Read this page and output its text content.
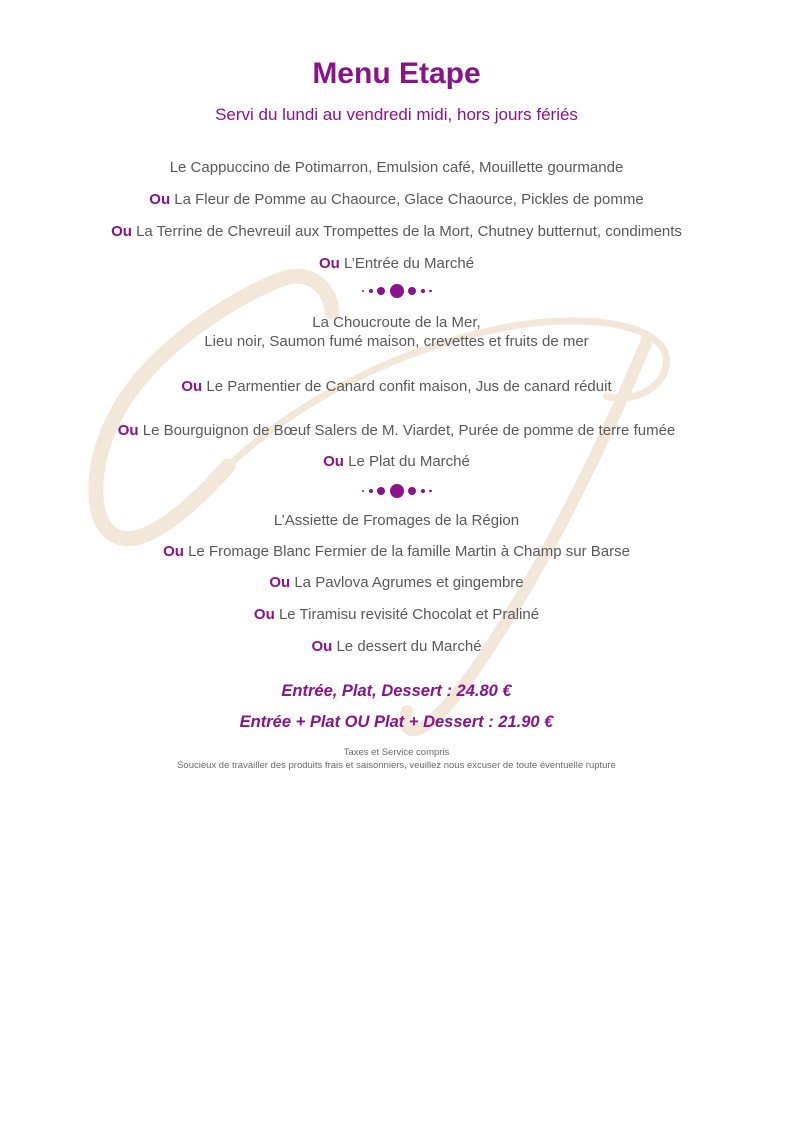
Menu Etape
Servi du lundi au vendredi midi, hors jours fériés

Le Cappuccino de Potimarron, Emulsion café, Mouillette gourmande

Ou La Fleur de Pomme au Chaource, Glace Chaource, Pickles de pomme

Ou La Terrine de Chevreuil aux Trompettes de la Mort, Chutney butternut, condiments

Ou L’Entrée du Marché

La Choucroute de la Mer,
Lieu noir, Saumon fumé maison, crevettes et fruits de mer

Ou Le Parmentier de Canard confit maison, Jus de canard réduit

Ou Le Bourguignon de Bœuf Salers de M. Viardet, Purée de pomme de terre fumée

Ou Le Plat du Marché

L’Assiette de Fromages de la Région

Ou Le Fromage Blanc Fermier de la famille Martin à Champ sur Barse

Ou La Pavlova Agrumes et gingembre

Ou Le Tiramisu revisité Chocolat et Praliné

Ou Le dessert du Marché

Entrée, Plat, Dessert : 24.80 €

Entrée + Plat OU Plat + Dessert : 21.90 €

Taxes et Service compris

Soucieux de travailler des produits frais et saisonniers, veuillez nous excuser de toute éventuelle rupture
